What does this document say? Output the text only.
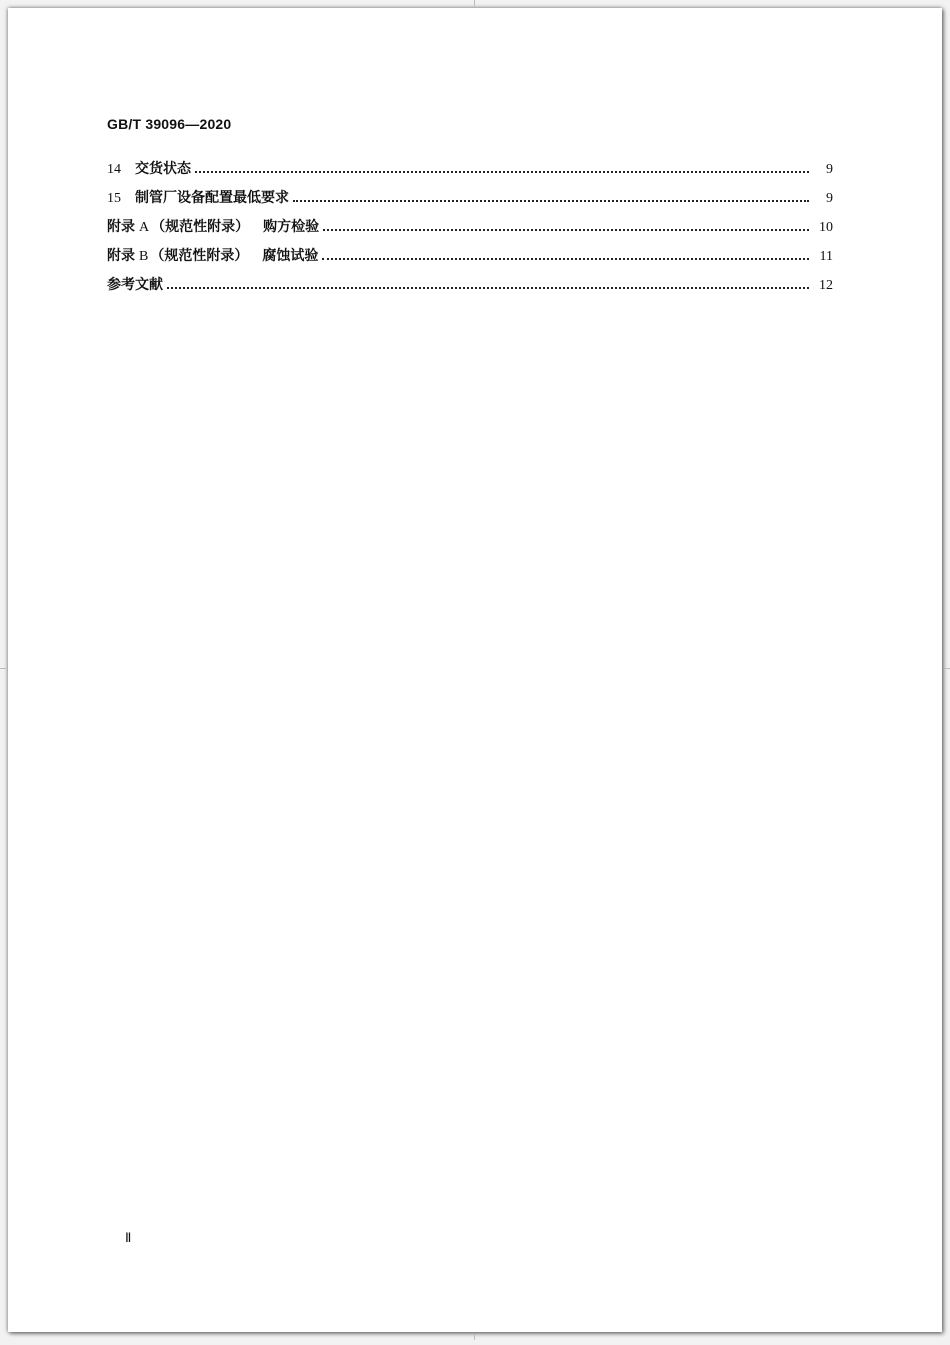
GB/T 39096—2020
14 交货状态	9
15 制管厂设备配置最低要求	9
附录 A （规范性附录） 购方检验	10
附录 B （规范性附录） 腐蚀试验	11
参考文献	12
Ⅱ
